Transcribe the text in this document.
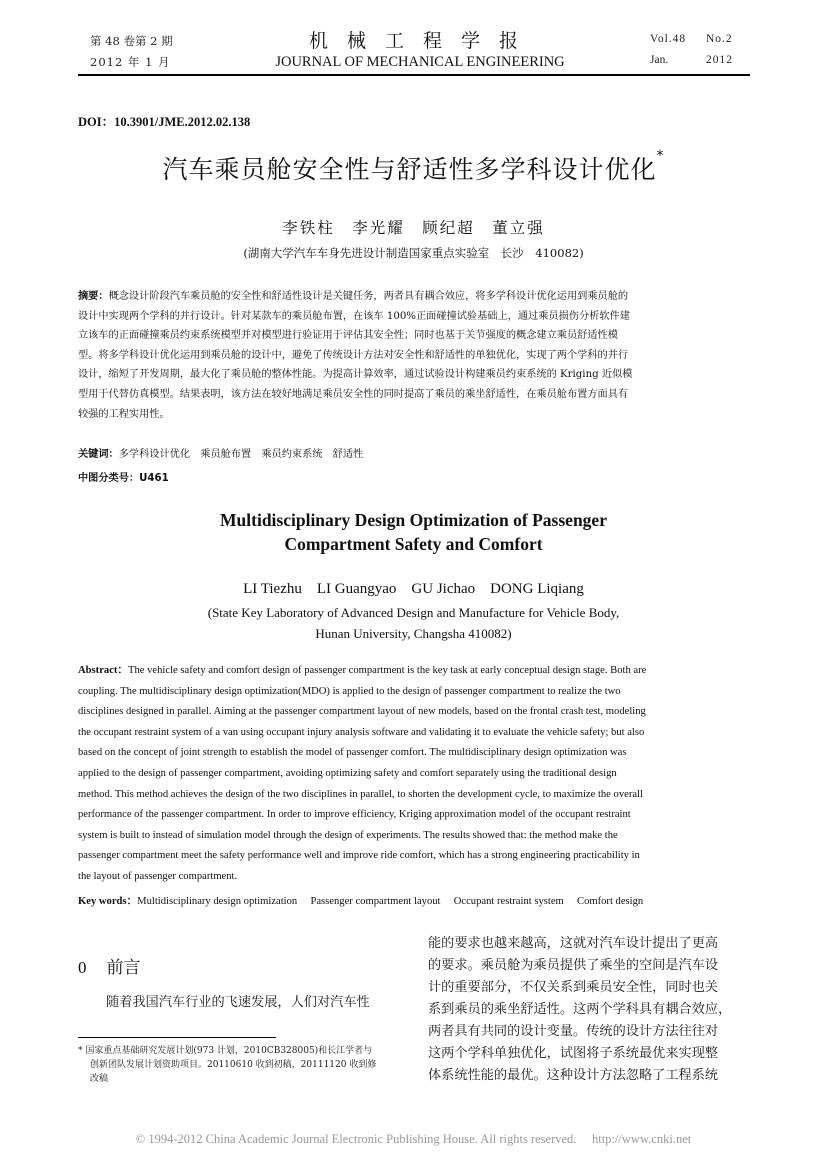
第 48 卷第 2 期
2012 年 1 月
机　械　工　程　学　报
JOURNAL OF MECHANICAL ENGINEERING
Vol.48 No.2
Jan.	2012
DOI：10.3901/JME.2012.02.138
汽车乘员舱安全性与舒适性多学科设计优化*
李铁柱　李光耀　顾纪超　董立强
(湖南大学汽车车身先进设计制造国家重点实验室　长沙　410082)
摘要：概念设计阶段汽车乘员舱的安全性和舒适性设计是关键任务，两者具有耦合效应，将多学科设计优化运用到乘员舱的
设计中实现两个学科的并行设计。针对某款车的乘员舱布置，在该车 100%正面碰撞试验基础上，通过乘员损伤分析软件建
立该车的正面碰撞乘员约束系统模型并对模型进行验证用于评估其安全性；同时也基于关节强度的概念建立乘员舒适性模
型。将多学科设计优化运用到乘员舱的设计中，避免了传统设计方法对安全性和舒适性的单独优化，实现了两个学科的并行
设计，缩短了开发周期，最大化了乘员舱的整体性能。为提高计算效率，通过试验设计构建乘员约束系统的 Kriging 近似模
型用于代替仿真模型。结果表明，该方法在较好地满足乘员安全性的同时提高了乘员的乘坐舒适性，在乘员舱布置方面具有
较强的工程实用性。
关键词：多学科设计优化　乘员舱布置　乘员约束系统　舒适性
中图分类号：U461
Multidisciplinary Design Optimization of Passenger
Compartment Safety and Comfort
LI Tiezhu　LI Guangyao　GU Jichao　DONG Liqiang
(State Key Laboratory of Advanced Design and Manufacture for Vehicle Body,
Hunan University, Changsha 410082)
Abstract：The vehicle safety and comfort design of passenger compartment is the key task at early conceptual design stage. Both are
coupling. The multidisciplinary design optimization(MDO) is applied to the design of passenger compartment to realize the two
disciplines designed in parallel. Aiming at the passenger compartment layout of new models, based on the frontal crash test, modeling
the occupant restraint system of a van using occupant injury analysis software and validating it to evaluate the vehicle safety; but also
based on the concept of joint strength to establish the model of passenger comfort. The multidisciplinary design optimization was
applied to the design of passenger compartment, avoiding optimizing safety and comfort separately using the traditional design
method. This method achieves the design of the two disciplines in parallel, to shorten the development cycle, to maximize the overall
performance of the passenger compartment. In order to improve efficiency, Kriging approximation model of the occupant restraint
system is built to instead of simulation model through the design of experiments. The results showed that: the method make the
passenger compartment meet the safety performance well and improve ride comfort, which has a strong engineering practicability in
the layout of passenger compartment.
Key words：Multidisciplinary design optimization　 Passenger compartment layout　 Occupant restraint system　 Comfort design
0 前言
随着我国汽车行业的飞速发展，人们对汽车性
* 国家重点基础研究发展计划(973 计划，2010CB328005)和长江学者与
创新团队发展计划资助项目。20110610 收到初稿，20111120 收到修
改稿
能的要求也越来越高，这就对汽车设计提出了更高
的要求。乘员舱为乘员提供了乘坐的空间是汽车设
计的重要部分，不仅关系到乘员安全性，同时也关
系到乘员的乘坐舒适性。这两个学科具有耦合效应，
两者具有共同的设计变量。传统的设计方法往往对
这两个学科单独优化，试图将子系统最优来实现整
体系统性能的最优。这种设计方法忽略了工程系统
© 1994-2012 China Academic Journal Electronic Publishing House. All rights reserved.　 http://www.cnki.net
